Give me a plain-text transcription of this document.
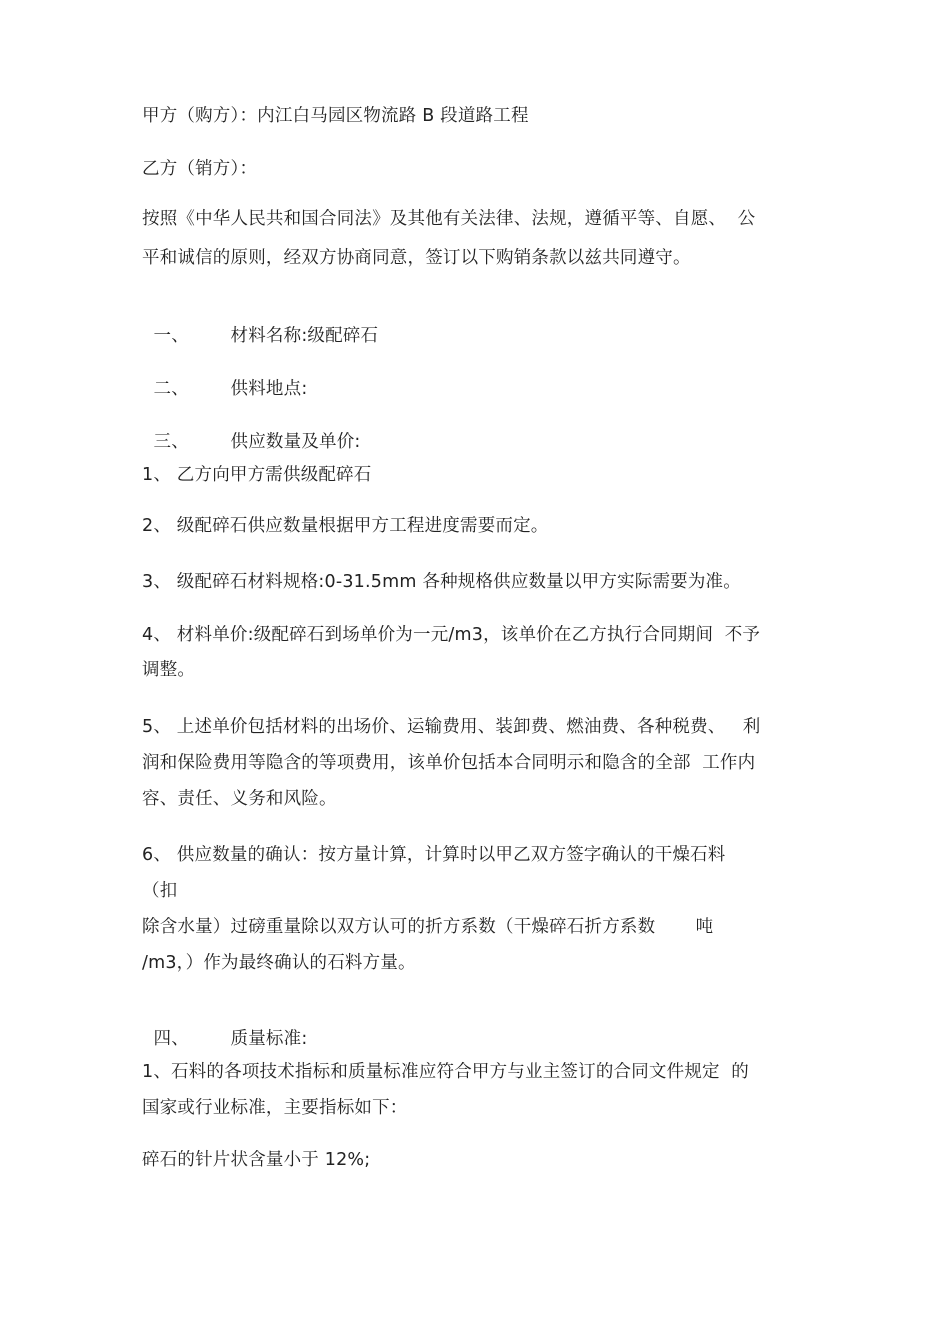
甲方（购方）：内江白马园区物流路 B 段道路工程
乙方（销方）：
按照《中华人民共和国合同法》及其他有关法律、法规，遵循平等、自愿、  公
平和诚信的原则，经双方协商同意，签订以下购销条款以兹共同遵守。

一、 材料名称:级配碎石

二、 供料地点:

三、 供应数量及单价:

1、 乙方向甲方需供级配碎石
2、 级配碎石供应数量根据甲方工程进度需要而定。
3、 级配碎石材料规格:0-31.5mm 各种规格供应数量以甲方实际需要为准。
4、 材料单价:级配碎石到场单价为一元/m3，该单价在乙方执行合同期间  不予
调整。
5、 上述单价包括材料的出场价、运输费用、装卸费、燃油费、各种税费、   利
润和保险费用等隐含的等项费用，该单价包括本合同明示和隐含的全部  工作内
容、责任、义务和风险。
6、 供应数量的确认：按方量计算，计算时以甲乙双方签字确认的干燥石料
（扣
除含水量）过磅重量除以双方认可的折方系数（干燥碎石折方系数       吨
/m3，）作为最终确认的石料方量。

四、 质量标准:

1、石料的各项技术指标和质量标准应符合甲方与业主签订的合同文件规定  的
国家或行业标准，主要指标如下：
碎石的针片状含量小于 12%;
